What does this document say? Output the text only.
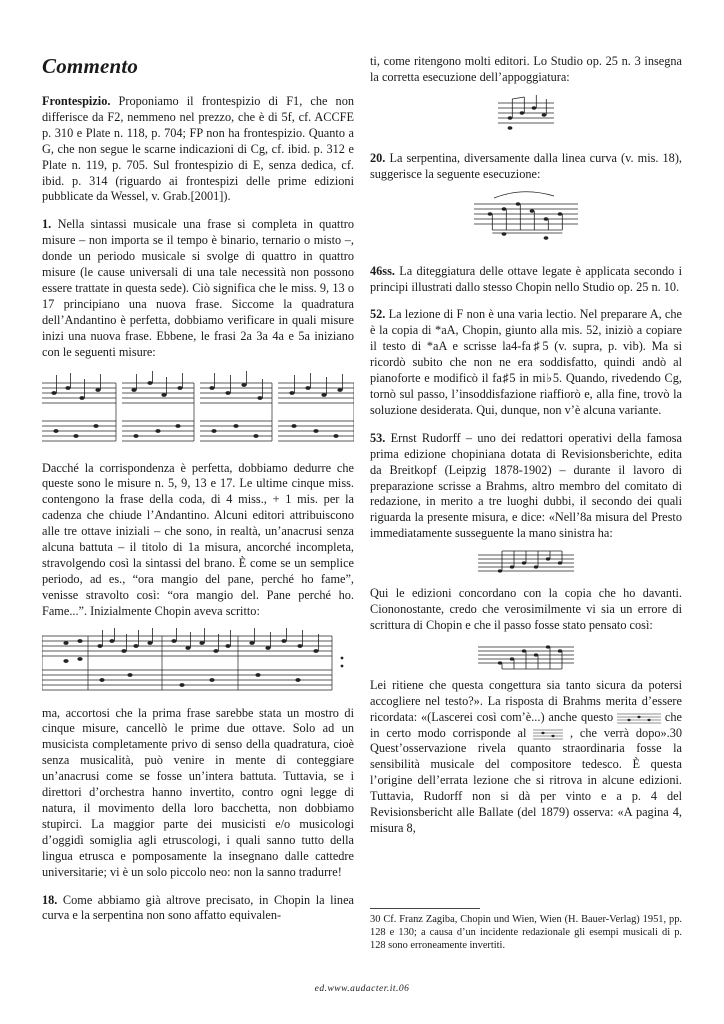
Commento

Frontespizio. Proponiamo il frontespizio di F1, che non differisce da F2, nemmeno nel prezzo, che è di 5f, cf. ACCFE p. 310 e Plate n. 118, p. 704; FP non ha frontespizio. Quanto a G, che non segue le scarne indicazioni di Cg, cf. ibid. p. 312 e Plate n. 119, p. 705. Sul frontespizio di E, senza dedica, cf. ibid. p. 314 (riguardo ai frontespizi delle prime edizioni pubblicate da Wessel, v. Grab.[2001]).

1. Nella sintassi musicale una frase si completa in quattro misure – non importa se il tempo è binario, ternario o misto –, donde un periodo musicale si svolge di quattro in quattro misure (le cause universali di una tale necessità non possono essere trattate in questa sede). Ciò significa che le miss. 9, 13 o 17 principiano una nuova frase. Siccome la quadratura dell’Andantino è perfetta, dobbiamo verificare in quali misure inizi una nuova frase. Ebbene, le frasi 2a 3a 4a e 5a iniziano con le seguenti misure:

Dacché la corrispondenza è perfetta, dobbiamo dedurre che queste sono le misure n. 5, 9, 13 e 17. Le ultime cinque miss. contengono la frase della coda, di 4 miss., + 1 mis. per la cadenza che chiude l’Andantino. Alcuni editori attribuiscono alle tre ottave iniziali – che sono, in realtà, un’anacrusi senza alcuna battuta – il titolo di 1a misura, ancorché incompleta, stravolgendo così la sintassi del brano. È come se un semplice periodo, ad es., “ora mangio del pane, perché ho fame”, venisse stravolto così: “ora mangio del. Pane perché ho. Fame...”. Inizialmente Chopin aveva scritto:

ma, accortosi che la prima frase sarebbe stata un mostro di cinque misure, cancellò le prime due ottave. Solo ad un musicista completamente privo di senso della quadratura, cioè senza musicalità, può venire in mente di conteggiare un’anacrusi come se fosse un’intera battuta. Tuttavia, se i direttori d’orchestra hanno invertito, contro ogni legge di natura, il movimento della loro bacchetta, non dobbiamo stupirci. La maggior parte dei musicisti e/o musicologi d’oggidì somiglia agli etruscologi, i quali sanno tutto della lingua etrusca e pomposamente la insegnano dalle cattedre universitarie; vi è un solo piccolo neo: non la sanno tradurre!

18. Come abbiamo già altrove precisato, in Chopin la linea curva e la serpentina non sono affatto equivalen-

ti, come ritengono molti editori. Lo Studio op. 25 n. 3 insegna la corretta esecuzione dell’appoggiatura:

20. La serpentina, diversamente dalla linea curva (v. mis. 18), suggerisce la seguente esecuzione:

46ss. La diteggiatura delle ottave legate è applicata secondo i principi illustrati dallo stesso Chopin nello Studio op. 25 n. 10.

52. La lezione di F non è una varia lectio. Nel preparare A, che è la copia di *aA, Chopin, giunto alla mis. 52, iniziò a copiare il testo di *aA e scrisse la4-fa♯5 (v. supra, p. vib). Ma si ricordò subito che non ne era soddisfatto, quindi andò al pianoforte e modificò il fa♯5 in mi♭5. Quando, rivedendo Cg, tornò sul passo, l’insoddisfazione riaffiorò e, alla fine, trovò la soluzione desiderata. Qui, dunque, non v’è alcuna variante.

53. Ernst Rudorff – uno dei redattori operativi della famosa prima edizione chopiniana dotata di Revisionsberichte, edita da Breitkopf (Leipzig 1878-1902) – durante il lavoro di preparazione scrisse a Brahms, altro membro del comitato di redazione, in merito a tre luoghi dubbi, il secondo dei quali riguarda la presente misura, e dice: «Nell’8a misura del Presto immediatamente susseguente la mano sinistra ha:

Qui le edizioni concordano con la copia che ho davanti. Ciononostante, credo che verosimilmente vi sia un errore di scrittura di Chopin e che il passo fosse stato pensato così:

Lei ritiene che questa congettura sia tanto sicura da potersi accogliere nel testo?». La risposta di Brahms merita d’essere ricordata: «(Lascerei così com’è...) anche questo	che in certo modo corrisponde al	, che verrà dopo».30 Quest’osservazione rivela quanto straordinaria fosse la sensibilità musicale del compositore tedesco. È questa l’origine dell’errata lezione che si ritrova in alcune edizioni. Tuttavia, Rudorff non si dà per vinto e a p. 4 del Revisionsbericht alle Ballate (del 1879) osserva: «A pagina 4, misura 8,

30 Cf. Franz Zagiba, Chopin und Wien, Wien (H. Bauer-Verlag) 1951, pp. 128 e 130; a causa d’un incidente redazionale gli esempi musicali di p. 128 sono erroneamente invertiti.

ed.www.audacter.it.06
